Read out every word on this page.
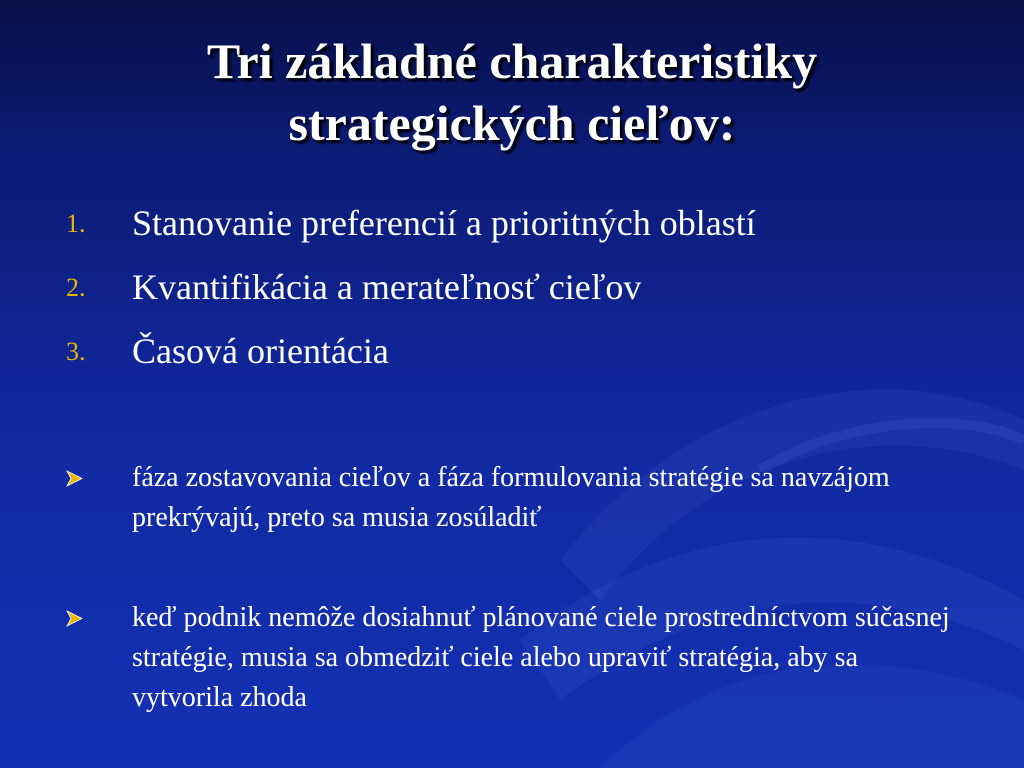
Tri základné charakteristiky
strategických cieľov:
1. Stanovanie preferencií a prioritných oblastí
2. Kvantifikácia a merateľnosť cieľov
3. Časová orientácia
fáza zostavovania cieľov a fáza formulovania stratégie sa navzájom prekrývajú, preto sa musia zosúladiť
keď podnik nemôže dosiahnuť plánované ciele prostredníctvom súčasnej stratégie, musia sa obmedziť ciele alebo upraviť stratégia, aby sa vytvorila zhoda
